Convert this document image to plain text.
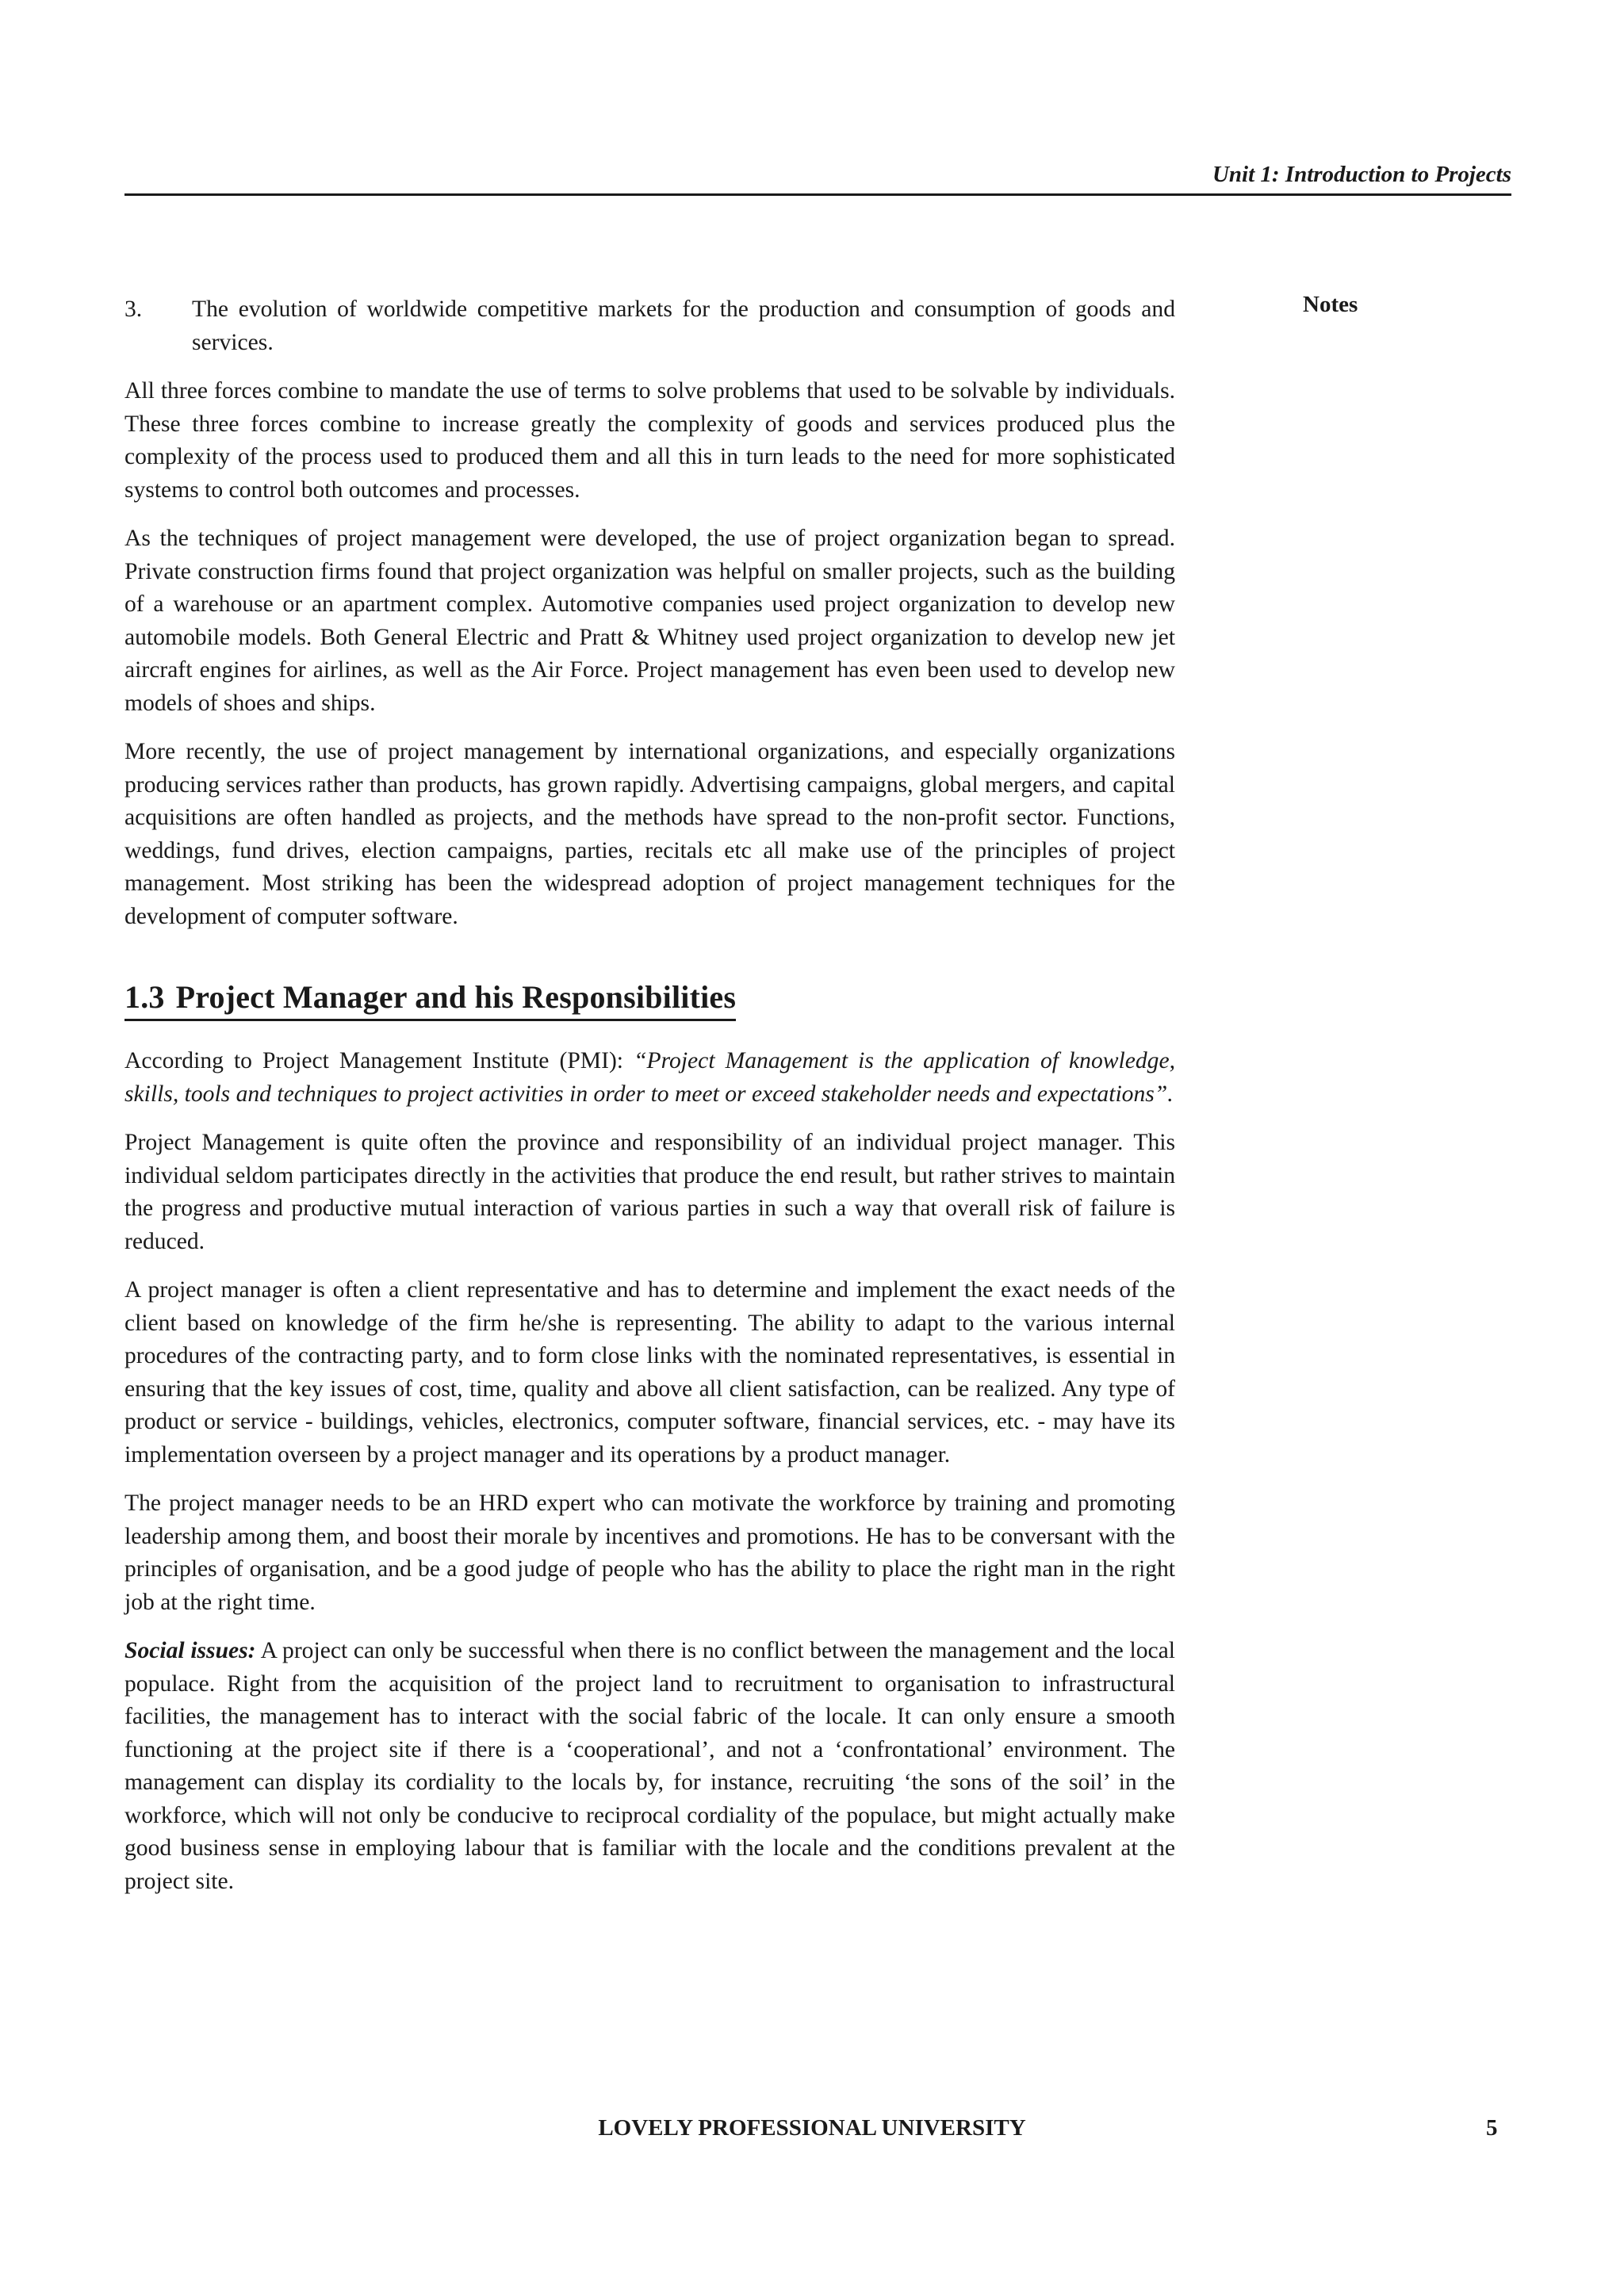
Unit 1: Introduction to Projects
Notes
3.	The evolution of worldwide competitive markets for the production and consumption of goods and services.

All three forces combine to mandate the use of terms to solve problems that used to be solvable by individuals. These three forces combine to increase greatly the complexity of goods and services produced plus the complexity of the process used to produced them and all this in turn leads to the need for more sophisticated systems to control both outcomes and processes.

As the techniques of project management were developed, the use of project organization began to spread. Private construction firms found that project organization was helpful on smaller projects, such as the building of a warehouse or an apartment complex. Automotive companies used project organization to develop new automobile models. Both General Electric and Pratt & Whitney used project organization to develop new jet aircraft engines for airlines, as well as the Air Force. Project management has even been used to develop new models of shoes and ships.

More recently, the use of project management by international organizations, and especially organizations producing services rather than products, has grown rapidly. Advertising campaigns, global mergers, and capital acquisitions are often handled as projects, and the methods have spread to the non-profit sector. Functions, weddings, fund drives, election campaigns, parties, recitals etc all make use of the principles of project management. Most striking has been the widespread adoption of project management techniques for the development of computer software.

1.3 Project Manager and his Responsibilities

According to Project Management Institute (PMI): “Project Management is the application of knowledge, skills, tools and techniques to project activities in order to meet or exceed stakeholder needs and expectations”.

Project Management is quite often the province and responsibility of an individual project manager. This individual seldom participates directly in the activities that produce the end result, but rather strives to maintain the progress and productive mutual interaction of various parties in such a way that overall risk of failure is reduced.

A project manager is often a client representative and has to determine and implement the exact needs of the client based on knowledge of the firm he/she is representing. The ability to adapt to the various internal procedures of the contracting party, and to form close links with the nominated representatives, is essential in ensuring that the key issues of cost, time, quality and above all client satisfaction, can be realized. Any type of product or service - buildings, vehicles, electronics, computer software, financial services, etc. - may have its implementation overseen by a project manager and its operations by a product manager.

The project manager needs to be an HRD expert who can motivate the workforce by training and promoting leadership among them, and boost their morale by incentives and promotions. He has to be conversant with the principles of organisation, and be a good judge of people who has the ability to place the right man in the right job at the right time.

Social issues: A project can only be successful when there is no conflict between the management and the local populace. Right from the acquisition of the project land to recruitment to organisation to infrastructural facilities, the management has to interact with the social fabric of the locale. It can only ensure a smooth functioning at the project site if there is a ‘cooperational’, and not a ‘confrontational’ environment. The management can display its cordiality to the locals by, for instance, recruiting ‘the sons of the soil’ in the workforce, which will not only be conducive to reciprocal cordiality of the populace, but might actually make good business sense in employing labour that is familiar with the locale and the conditions prevalent at the project site.

LOVELY PROFESSIONAL UNIVERSITY	5
